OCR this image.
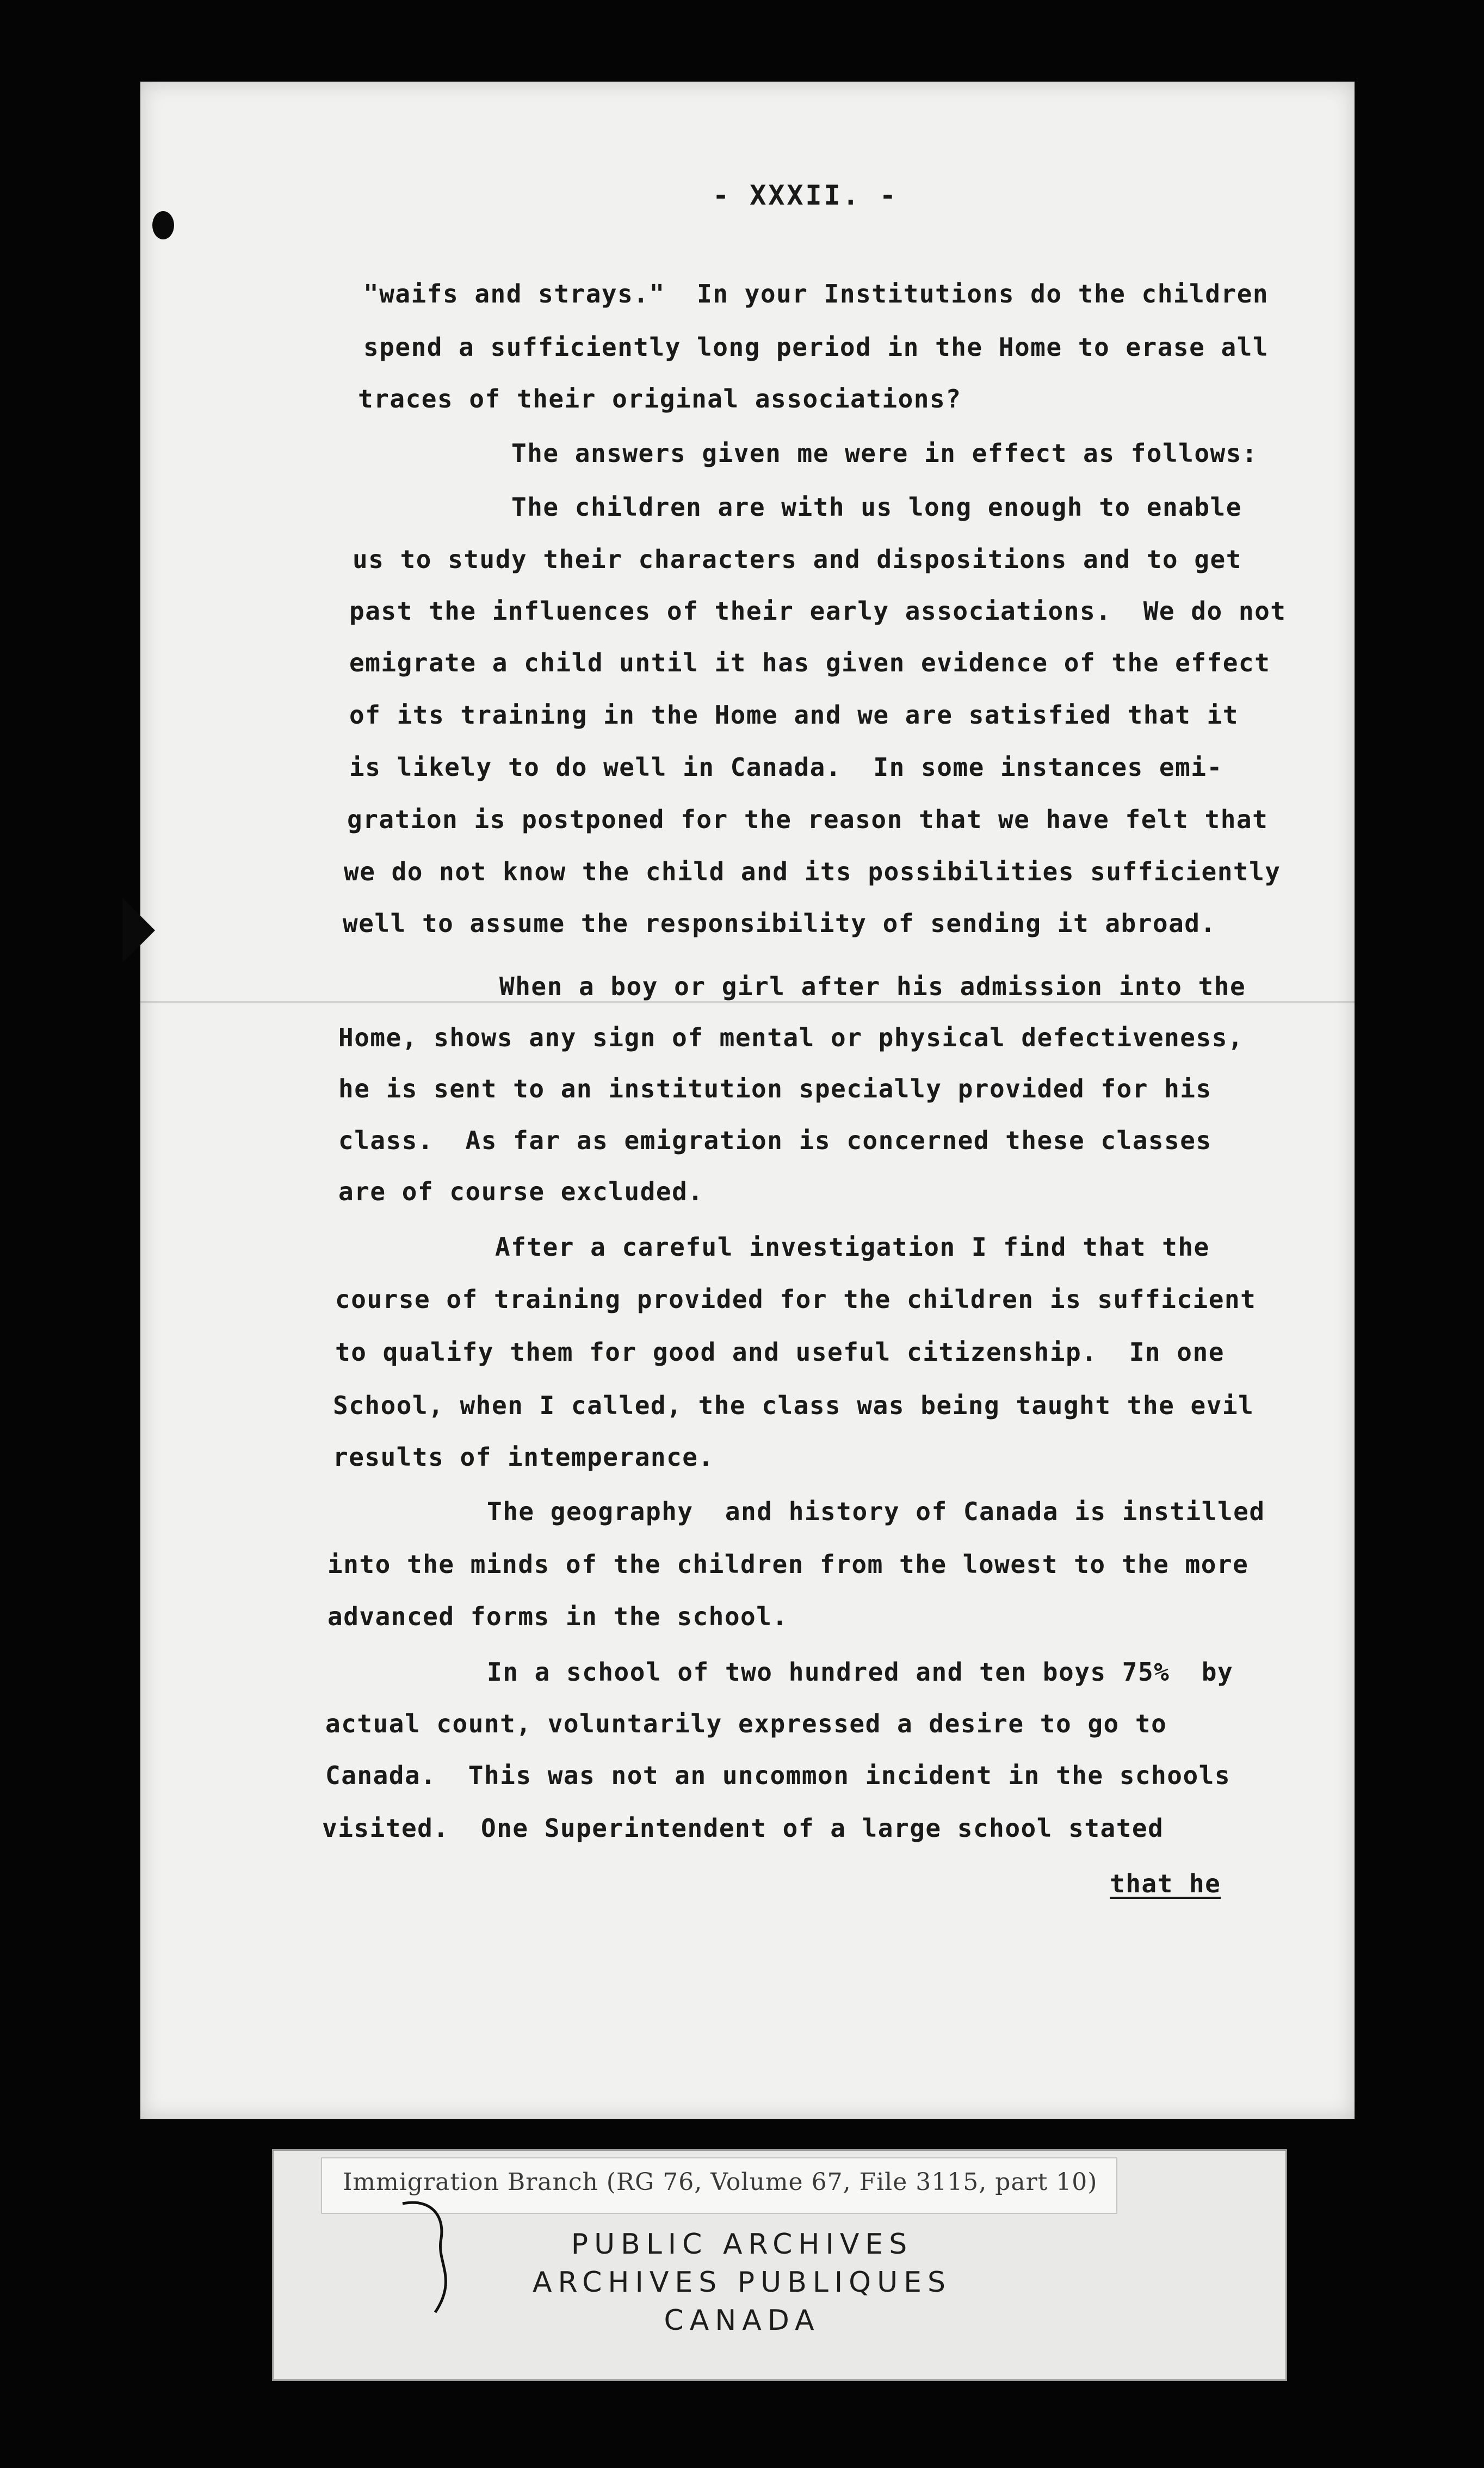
- XXXII. -
"waifs and strays."  In your Institutions do the children
spend a sufficiently long period in the Home to erase all
traces of their original associations?
The answers given me were in effect as follows:
The children are with us long enough to enable
us to study their characters and dispositions and to get
past the influences of their early associations.  We do not
emigrate a child until it has given evidence of the effect
of its training in the Home and we are satisfied that it
is likely to do well in Canada.  In some instances emi-
gration is postponed for the reason that we have felt that
we do not know the child and its possibilities sufficiently
well to assume the responsibility of sending it abroad.
When a boy or girl after his admission into the
Home, shows any sign of mental or physical defectiveness,
he is sent to an institution specially provided for his
class.  As far as emigration is concerned these classes
are of course excluded.
After a careful investigation I find that the
course of training provided for the children is sufficient
to qualify them for good and useful citizenship.  In one
School, when I called, the class was being taught the evil
results of intemperance.
The geography  and history of Canada is instilled
into the minds of the children from the lowest to the more
advanced forms in the school.
In a school of two hundred and ten boys 75%  by
actual count, voluntarily expressed a desire to go to
Canada.  This was not an uncommon incident in the schools
visited.  One Superintendent of a large school stated
that he
Immigration Branch (RG 76, Volume 67, File 3115, part 10)
PUBLIC ARCHIVES
ARCHIVES PUBLIQUES
CANADA
